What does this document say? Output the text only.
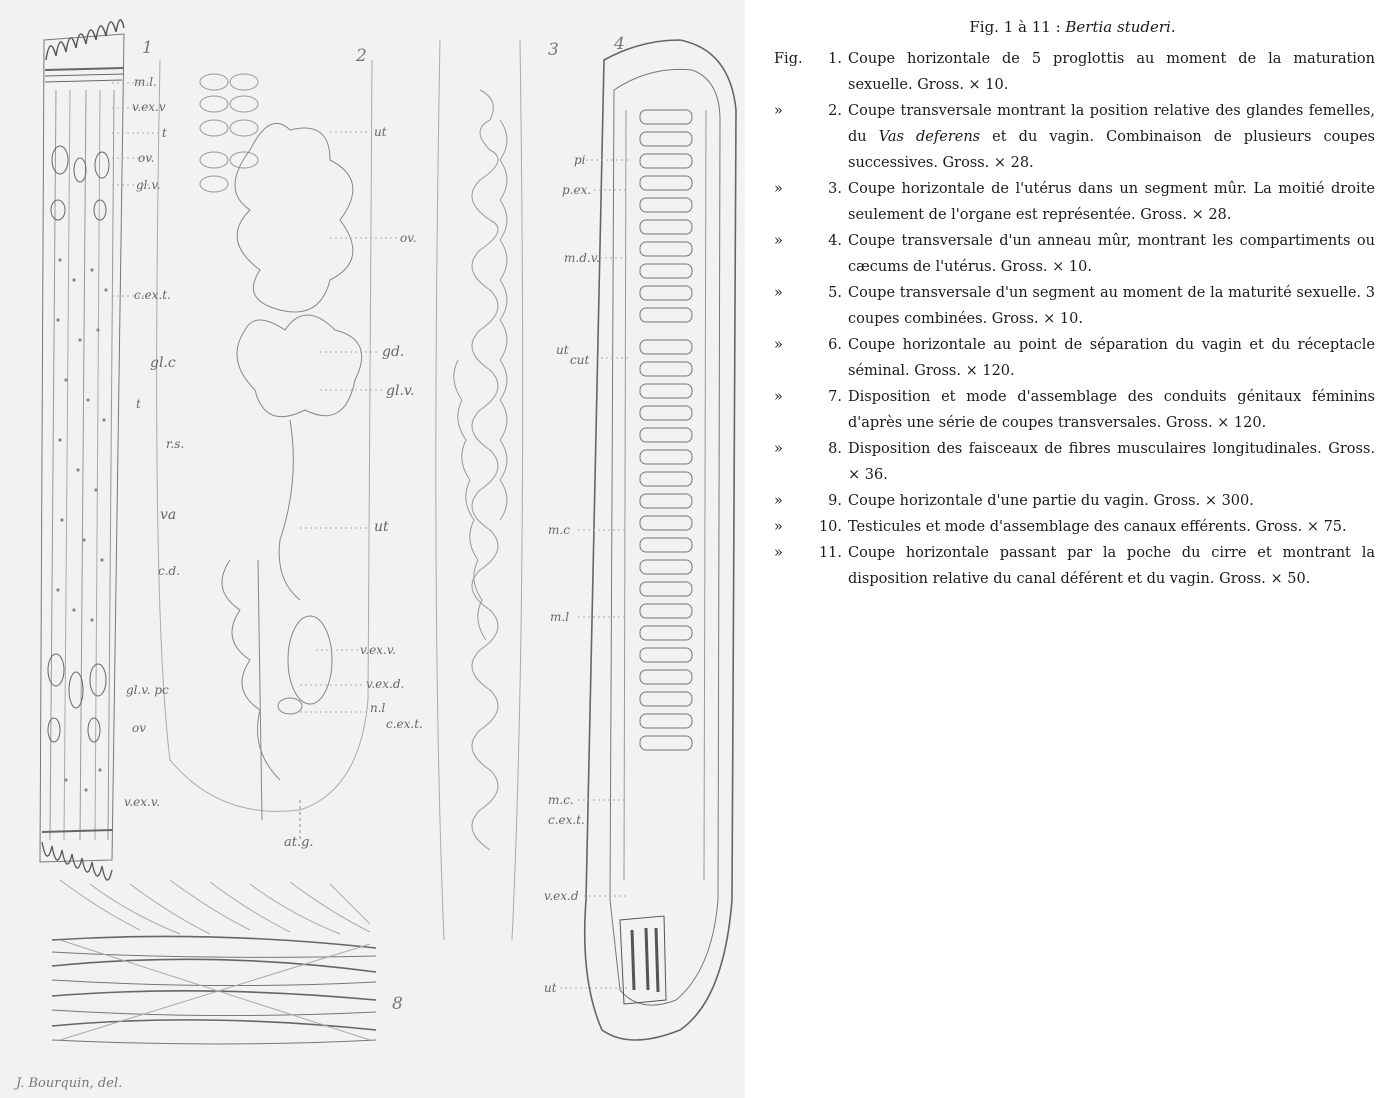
1	2	3	4
8
m.l.
v.ex.v
t
ov.
gl.v.
c.ex.t.
gl.c
t
r.s.
va
c.d.
gl.v. pc
ov
v.ex.v.
ut
ov.
gd.
gl.v.
ut
v.ex.v.
v.ex.d.
n.l
c.ex.t.
at.g.
pi
p.ex.
m.d.v.
ut
cut
m.c
m.l
m.c.
c.ex.t.
v.ex.d
ut
J. Bourquin, del.

Fig. 1 à 11 : Bertia studeri.

Fig.	1. Coupe horizontale de 5 proglottis au moment de la maturation sexuelle. Gross. × 10.
»	2. Coupe transversale montrant la position relative des glandes femelles, du Vas deferens et du vagin. Combinaison de plusieurs coupes successives. Gross. × 28.
»	3. Coupe horizontale de l'utérus dans un segment mûr. La moitié droite seulement de l'organe est représentée. Gross. × 28.
»	4. Coupe transversale d'un anneau mûr, montrant les compartiments ou cæcums de l'utérus. Gross. × 10.
»	5. Coupe transversale d'un segment au moment de la maturité sexuelle. 3 coupes combinées. Gross. × 10.
»	6. Coupe horizontale au point de séparation du vagin et du réceptacle séminal. Gross. × 120.
»	7. Disposition et mode d'assemblage des conduits génitaux féminins d'après une série de coupes transversales. Gross. × 120.
»	8. Disposition des faisceaux de fibres musculaires longitudinales. Gross. × 36.
»	9. Coupe horizontale d'une partie du vagin. Gross. × 300.
»	10. Testicules et mode d'assemblage des canaux efférents. Gross. × 75.
»	11. Coupe horizontale passant par la poche du cirre et montrant la disposition relative du canal déférent et du vagin. Gross. × 50.
